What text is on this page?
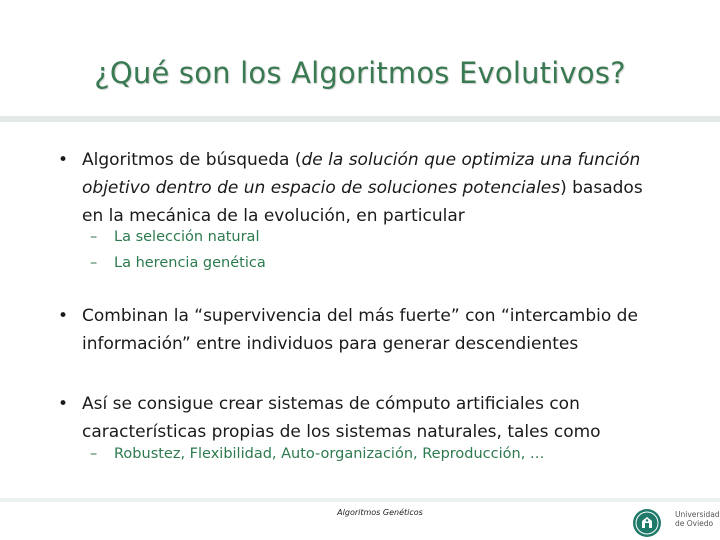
¿Qué son los Algoritmos Evolutivos?
• Algoritmos de búsqueda (de la solución que optimiza una función
objetivo dentro de un espacio de soluciones potenciales) basados
en la mecánica de la evolución, en particular
– La selección natural
– La herencia genética
• Combinan la “supervivencia del más fuerte” con “intercambio de
información” entre individuos para generar descendientes
• Así se consigue crear sistemas de cómputo artificiales con
características propias de los sistemas naturales, tales como
– Robustez, Flexibilidad, Auto-organización, Reproducción, …
Algoritmos Genéticos	Universidad
de Oviedo
